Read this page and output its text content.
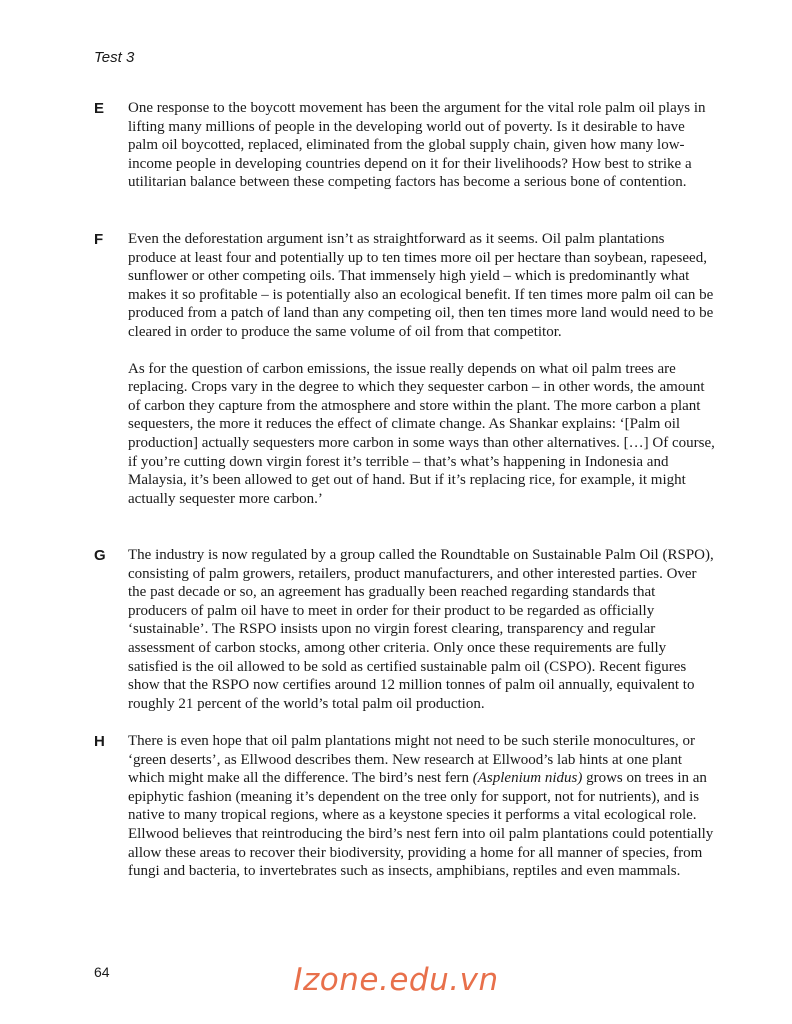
Test 3
E One response to the boycott movement has been the argument for the vital role palm oil plays in lifting many millions of people in the developing world out of poverty. Is it desirable to have palm oil boycotted, replaced, eliminated from the global supply chain, given how many low-income people in developing countries depend on it for their livelihoods? How best to strike a utilitarian balance between these competing factors has become a serious bone of contention.

F Even the deforestation argument isn’t as straightforward as it seems. Oil palm plantations produce at least four and potentially up to ten times more oil per hectare than soybean, rapeseed, sunflower or other competing oils. That immensely high yield – which is predominantly what makes it so profitable – is potentially also an ecological benefit. If ten times more palm oil can be produced from a patch of land than any competing oil, then ten times more land would need to be cleared in order to produce the same volume of oil from that competitor.

As for the question of carbon emissions, the issue really depends on what oil palm trees are replacing. Crops vary in the degree to which they sequester carbon – in other words, the amount of carbon they capture from the atmosphere and store within the plant. The more carbon a plant sequesters, the more it reduces the effect of climate change. As Shankar explains: ‘[Palm oil production] actually sequesters more carbon in some ways than other alternatives. […] Of course, if you’re cutting down virgin forest it’s terrible – that’s what’s happening in Indonesia and Malaysia, it’s been allowed to get out of hand. But if it’s replacing rice, for example, it might actually sequester more carbon.’

G The industry is now regulated by a group called the Roundtable on Sustainable Palm Oil (RSPO), consisting of palm growers, retailers, product manufacturers, and other interested parties. Over the past decade or so, an agreement has gradually been reached regarding standards that producers of palm oil have to meet in order for their product to be regarded as officially ‘sustainable’. The RSPO insists upon no virgin forest clearing, transparency and regular assessment of carbon stocks, among other criteria. Only once these requirements are fully satisfied is the oil allowed to be sold as certified sustainable palm oil (CSPO). Recent figures show that the RSPO now certifies around 12 million tonnes of palm oil annually, equivalent to roughly 21 percent of the world’s total palm oil production.

H There is even hope that oil palm plantations might not need to be such sterile monocultures, or ‘green deserts’, as Ellwood describes them. New research at Ellwood’s lab hints at one plant which might make all the difference. The bird’s nest fern (Asplenium nidus) grows on trees in an epiphytic fashion (meaning it’s dependent on the tree only for support, not for nutrients), and is native to many tropical regions, where as a keystone species it performs a vital ecological role. Ellwood believes that reintroducing the bird’s nest fern into oil palm plantations could potentially allow these areas to recover their biodiversity, providing a home for all manner of species, from fungi and bacteria, to invertebrates such as insects, amphibians, reptiles and even mammals.

64	Izone.edu.vn
